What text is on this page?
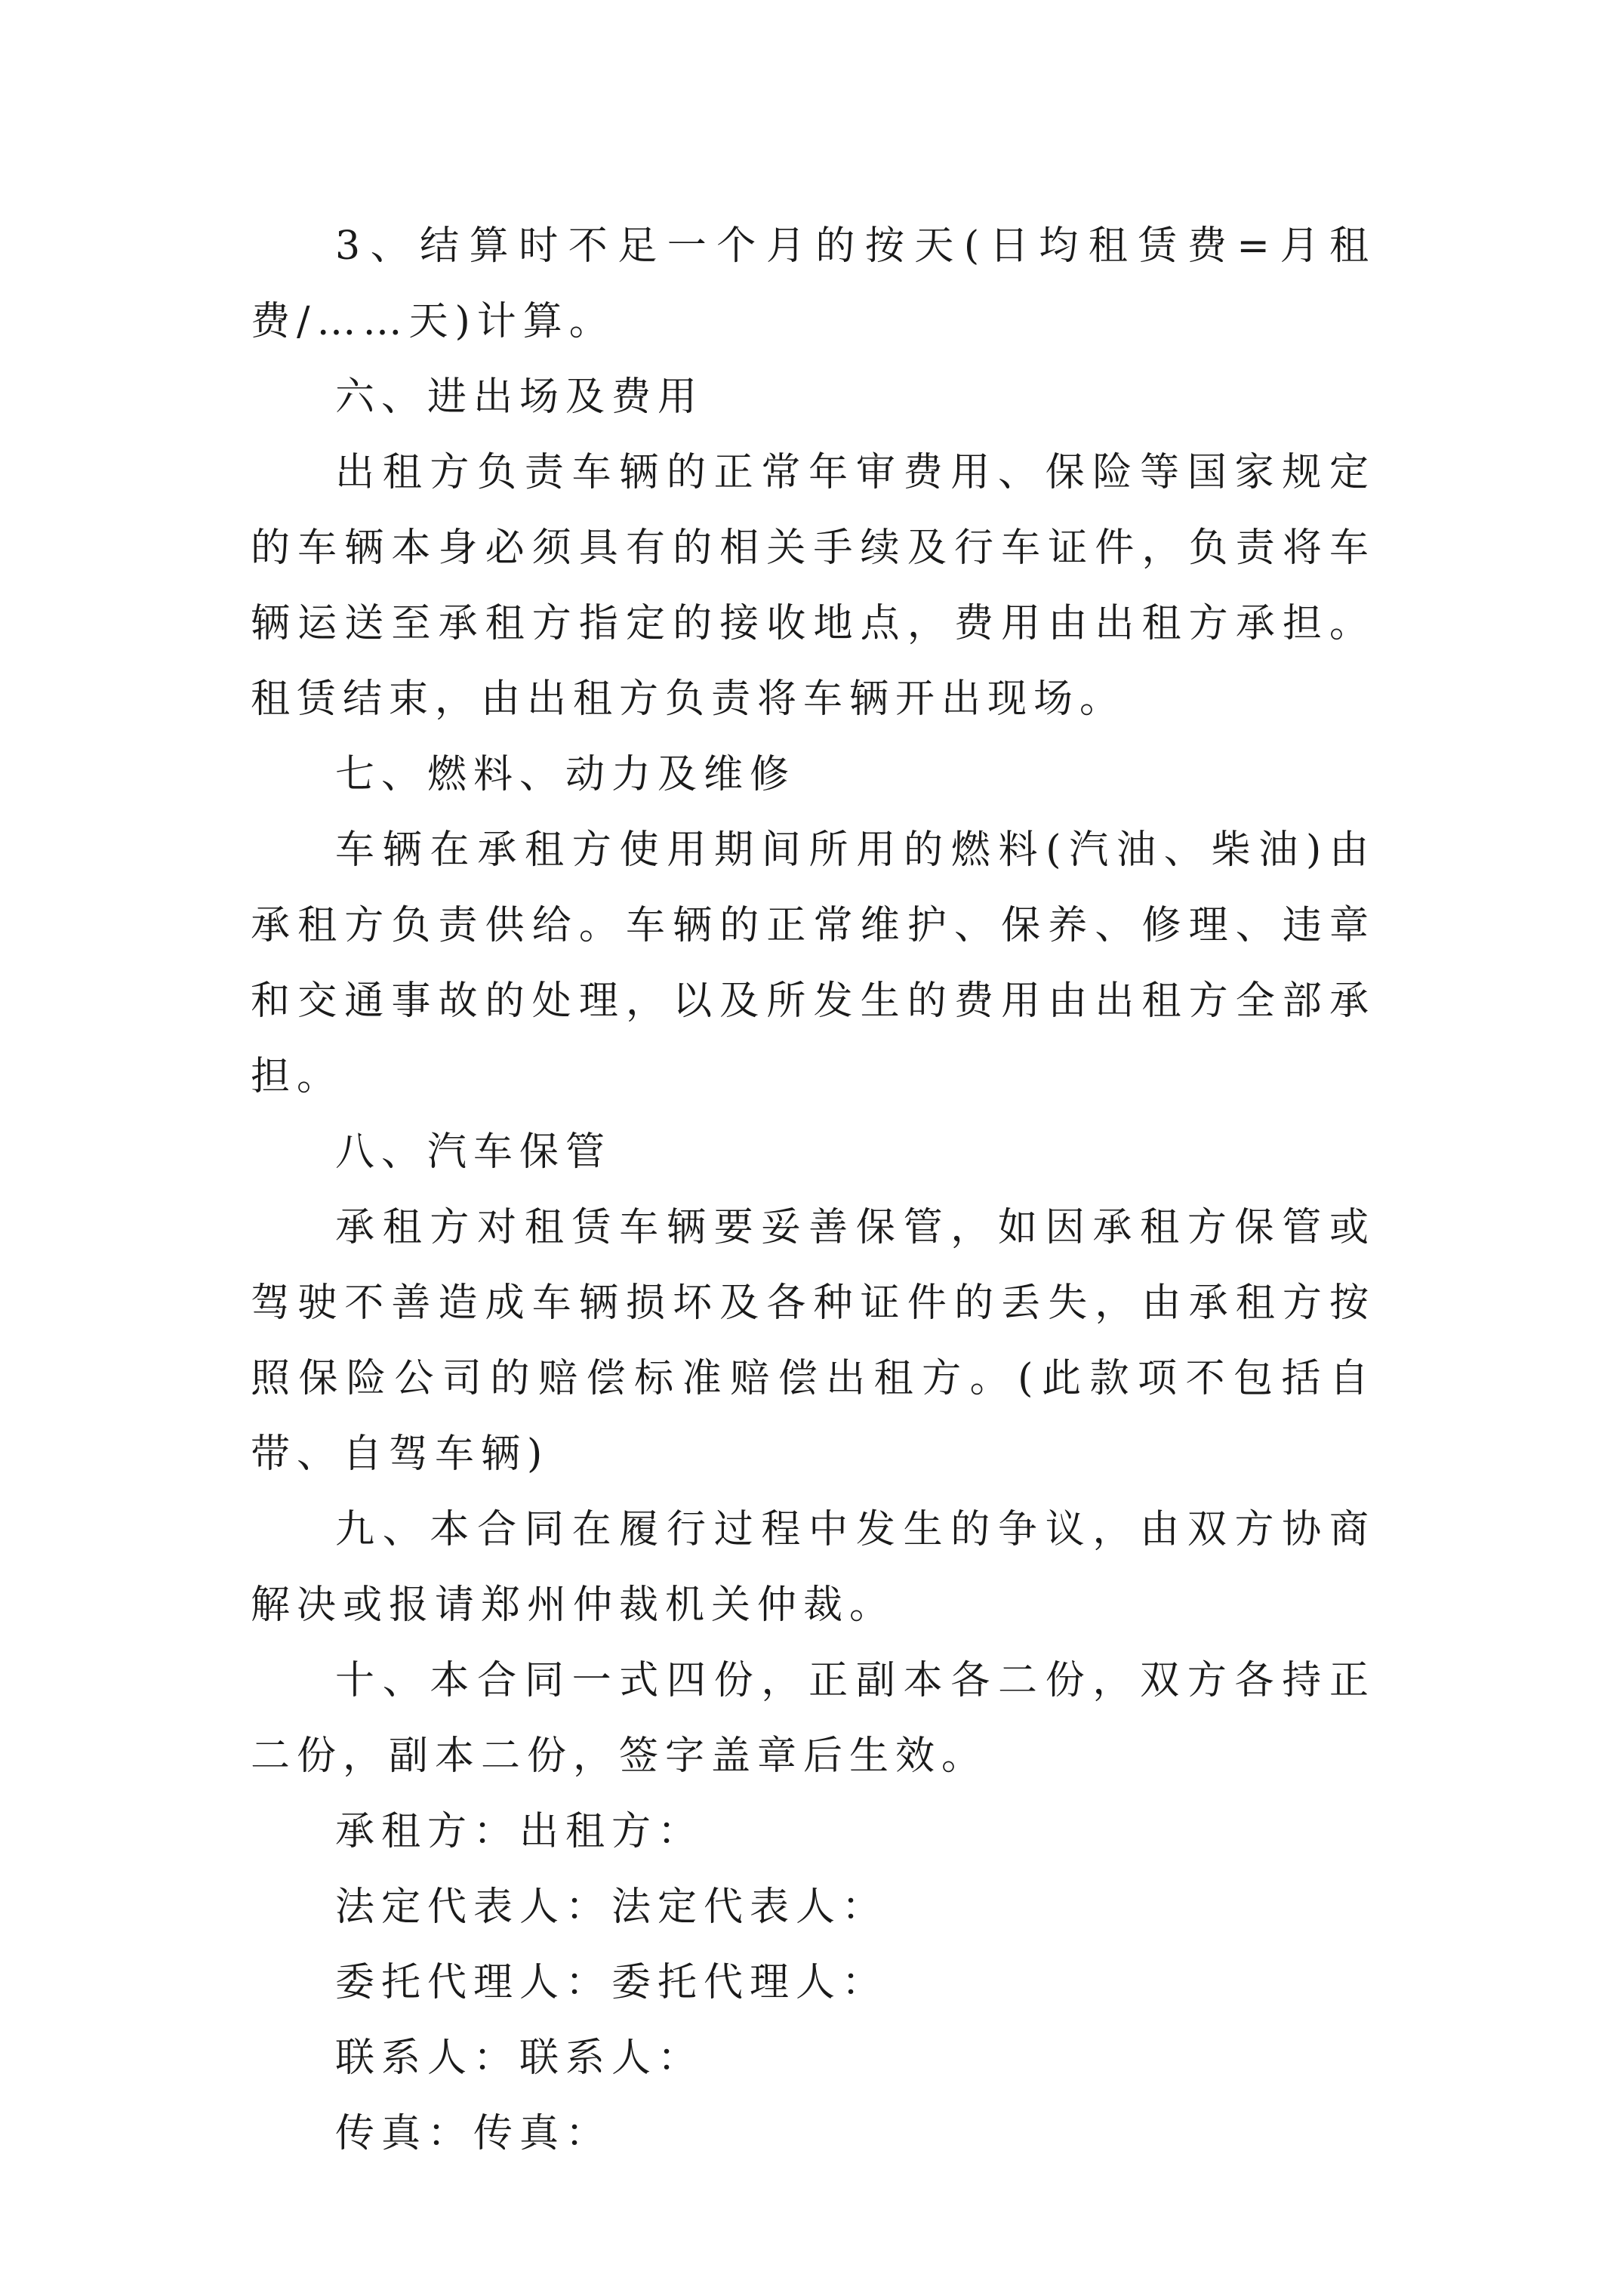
3、结算时不足一个月的按天(日均租赁费=月租费/……天)计算。

六、进出场及费用

出租方负责车辆的正常年审费用、保险等国家规定的车辆本身必须具有的相关手续及行车证件，负责将车辆运送至承租方指定的接收地点，费用由出租方承担。租赁结束，由出租方负责将车辆开出现场。

七、燃料、动力及维修

车辆在承租方使用期间所用的燃料(汽油、柴油)由承租方负责供给。车辆的正常维护、保养、修理、违章和交通事故的处理，以及所发生的费用由出租方全部承担。

八、汽车保管

承租方对租赁车辆要妥善保管，如因承租方保管或驾驶不善造成车辆损坏及各种证件的丢失，由承租方按照保险公司的赔偿标准赔偿出租方。(此款项不包括自带、自驾车辆)

九、本合同在履行过程中发生的争议，由双方协商解决或报请郑州仲裁机关仲裁。

十、本合同一式四份，正副本各二份，双方各持正二份，副本二份，签字盖章后生效。

承租方：出租方：

法定代表人：法定代表人：

委托代理人：委托代理人：

联系人：联系人：

传真：传真：
